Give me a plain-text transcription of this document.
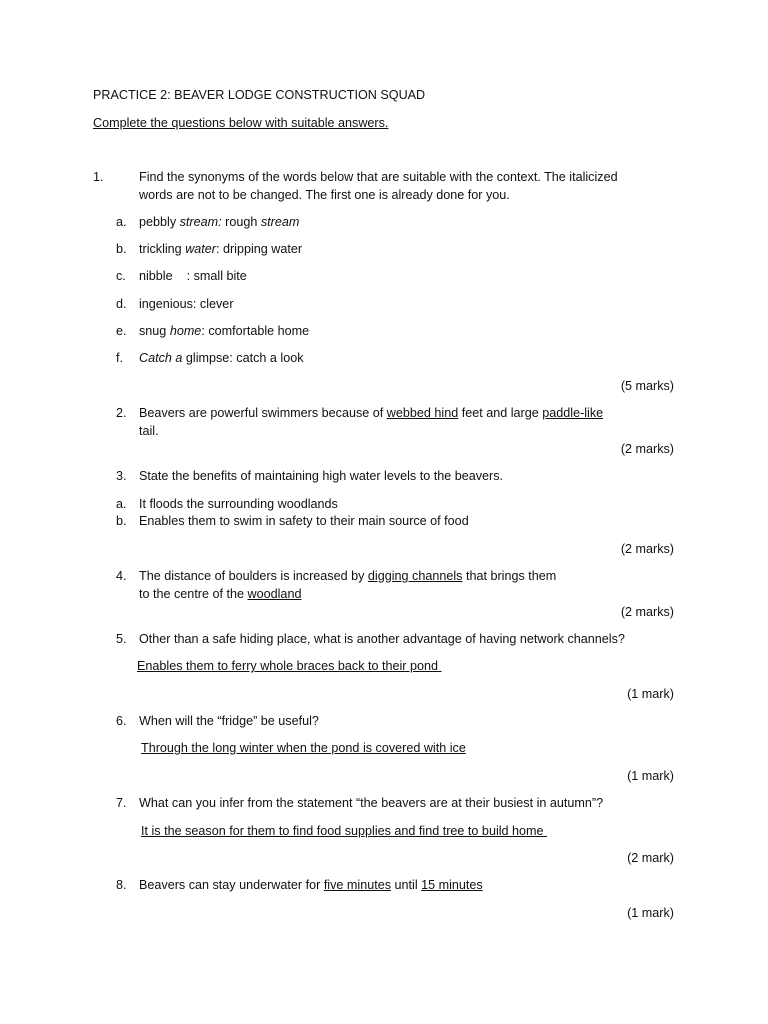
PRACTICE 2: BEAVER LODGE CONSTRUCTION SQUAD
Complete the questions below with suitable answers.
1.	Find the synonyms of the words below that are suitable with the context. The italicized
words are not to be changed. The first one is already done for you.
a. pebbly stream: rough stream
b. trickling water: dripping water
c. nibble    : small bite
d. ingenious: clever
e. snug home: comfortable home
f. Catch a glimpse: catch a look
(5 marks)
2. Beavers are powerful swimmers because of webbed hind feet and large paddle-like
tail.
(2 marks)
3. State the benefits of maintaining high water levels to the beavers.
a. It floods the surrounding woodlands
b. Enables them to swim in safety to their main source of food
(2 marks)
4. The distance of boulders is increased by digging channels that brings them
to the centre of the woodland
(2 marks)
5. Other than a safe hiding place, what is another advantage of having network channels?
Enables them to ferry whole braces back to their pond
(1 mark)
6. When will the “fridge” be useful?
Through the long winter when the pond is covered with ice
(1 mark)
7. What can you infer from the statement “the beavers are at their busiest in autumn”?
It is the season for them to find food supplies and find tree to build home
(2 mark)
8. Beavers can stay underwater for five minutes until 15 minutes
(1 mark)
